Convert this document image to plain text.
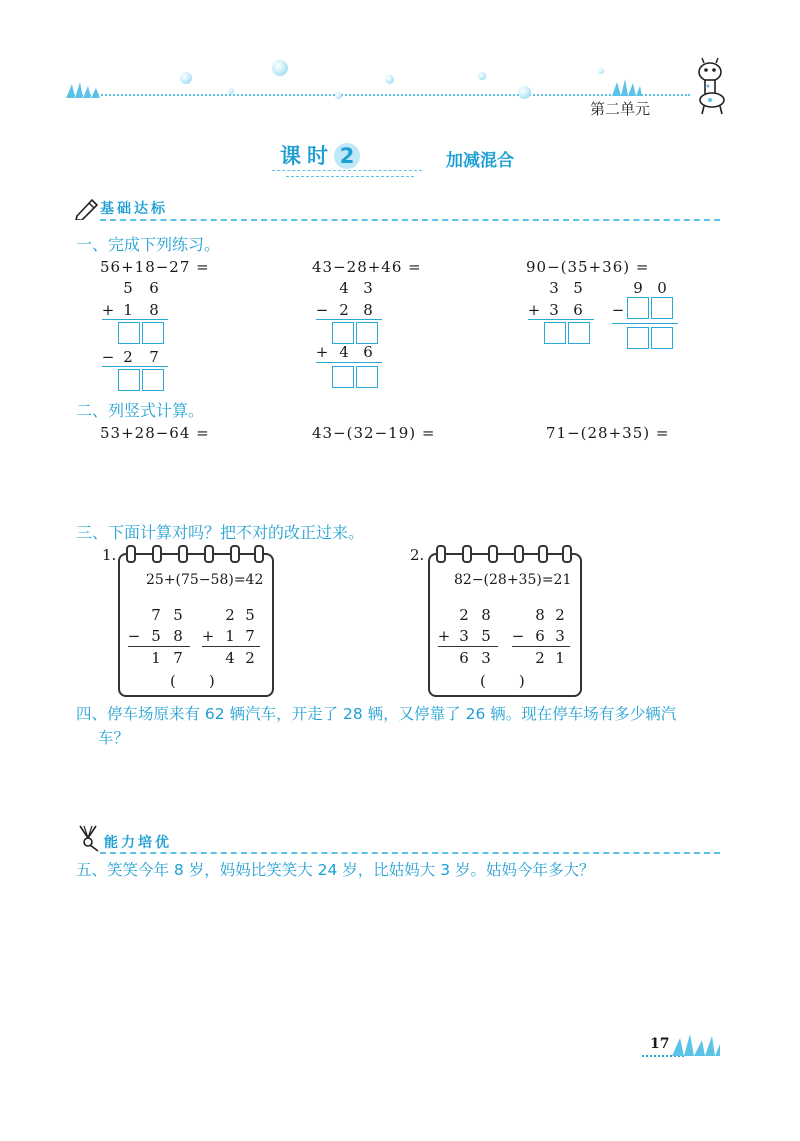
第二单元
课时 2	加减混合
基础达标
一、完成下列练习。
56+18−27 =
5 6
+ 1 8
− 2 7
43−28+46 =
4 3
− 2 8
+ 4 6
90−(35+36) =
3 5
+ 3 6
9 0
−
二、列竖式计算。
53+28−64 =	43−(32−19) =	71−(28+35) =
三、下面计算对吗？把不对的改正过来。
1.
25+(75−58)=42
7 5
− 5 8
1 7
2 5
+ 1 7
4 2
(　　)
2.
82−(28+35)=21
2 8
+ 3 5
6 3
8 2
− 6 3
2 1
(　　)
四、停车场原来有 62 辆汽车，开走了 28 辆，又停靠了 26 辆。现在停车场有多少辆汽
车？
能力培优
五、笑笑今年 8 岁，妈妈比笑笑大 24 岁，比姑妈大 3 岁。姑妈今年多大？
17
